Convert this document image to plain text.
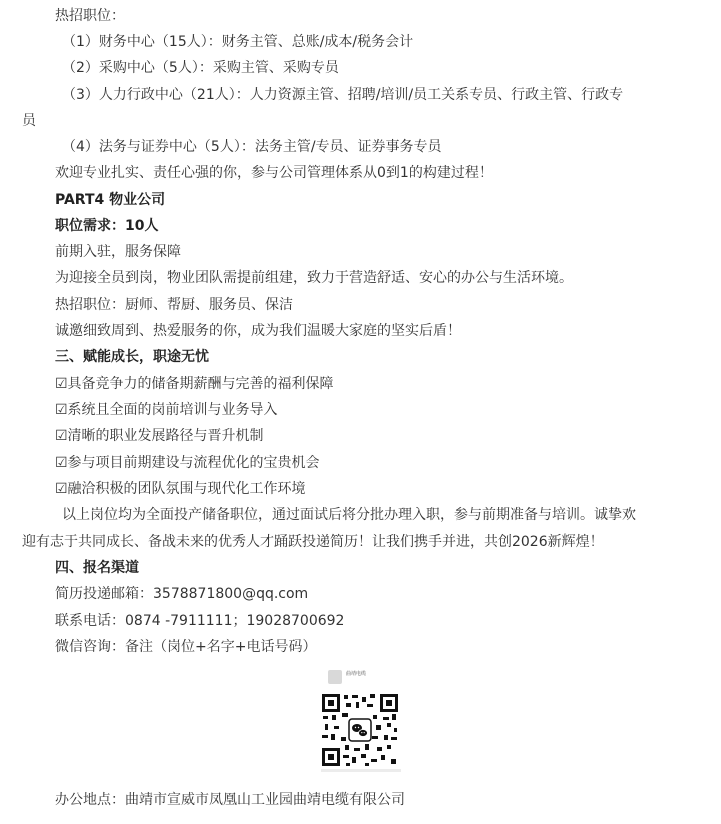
热招职位：
（1）财务中心（15人）：财务主管、总账/成本/税务会计
（2）采购中心（5人）：采购主管、采购专员
（3）人力行政中心（21人）：人力资源主管、招聘/培训/员工关系专员、行政主管、行政专
员
（4）法务与证券中心（5人）：法务主管/专员、证券事务专员
欢迎专业扎实、责任心强的你，参与公司管理体系从0到1的构建过程！
PART4 物业公司
职位需求：10人
前期入驻，服务保障
为迎接全员到岗，物业团队需提前组建，致力于营造舒适、安心的办公与生活环境。
热招职位：厨师、帮厨、服务员、保洁
诚邀细致周到、热爱服务的你，成为我们温暖大家庭的坚实后盾！
三、赋能成长，职途无忧
☑具备竞争力的储备期薪酬与完善的福利保障
☑系统且全面的岗前培训与业务导入
☑清晰的职业发展路径与晋升机制
☑参与项目前期建设与流程优化的宝贵机会
☑融洽积极的团队氛围与现代化工作环境
以上岗位均为全面投产储备职位，通过面试后将分批办理入职，参与前期准备与培训。诚挚欢
迎有志于共同成长、备战未来的优秀人才踊跃投递简历！让我们携手并进，共创2026新辉煌！
四、报名渠道
简历投递邮箱：3578871800@qq.com
联系电话：0874 -7911111；19028700692
微信咨询：备注（岗位+名字+电话号码）
曲靖电缆
办公地点：曲靖市宣威市凤凰山工业园曲靖电缆有限公司
